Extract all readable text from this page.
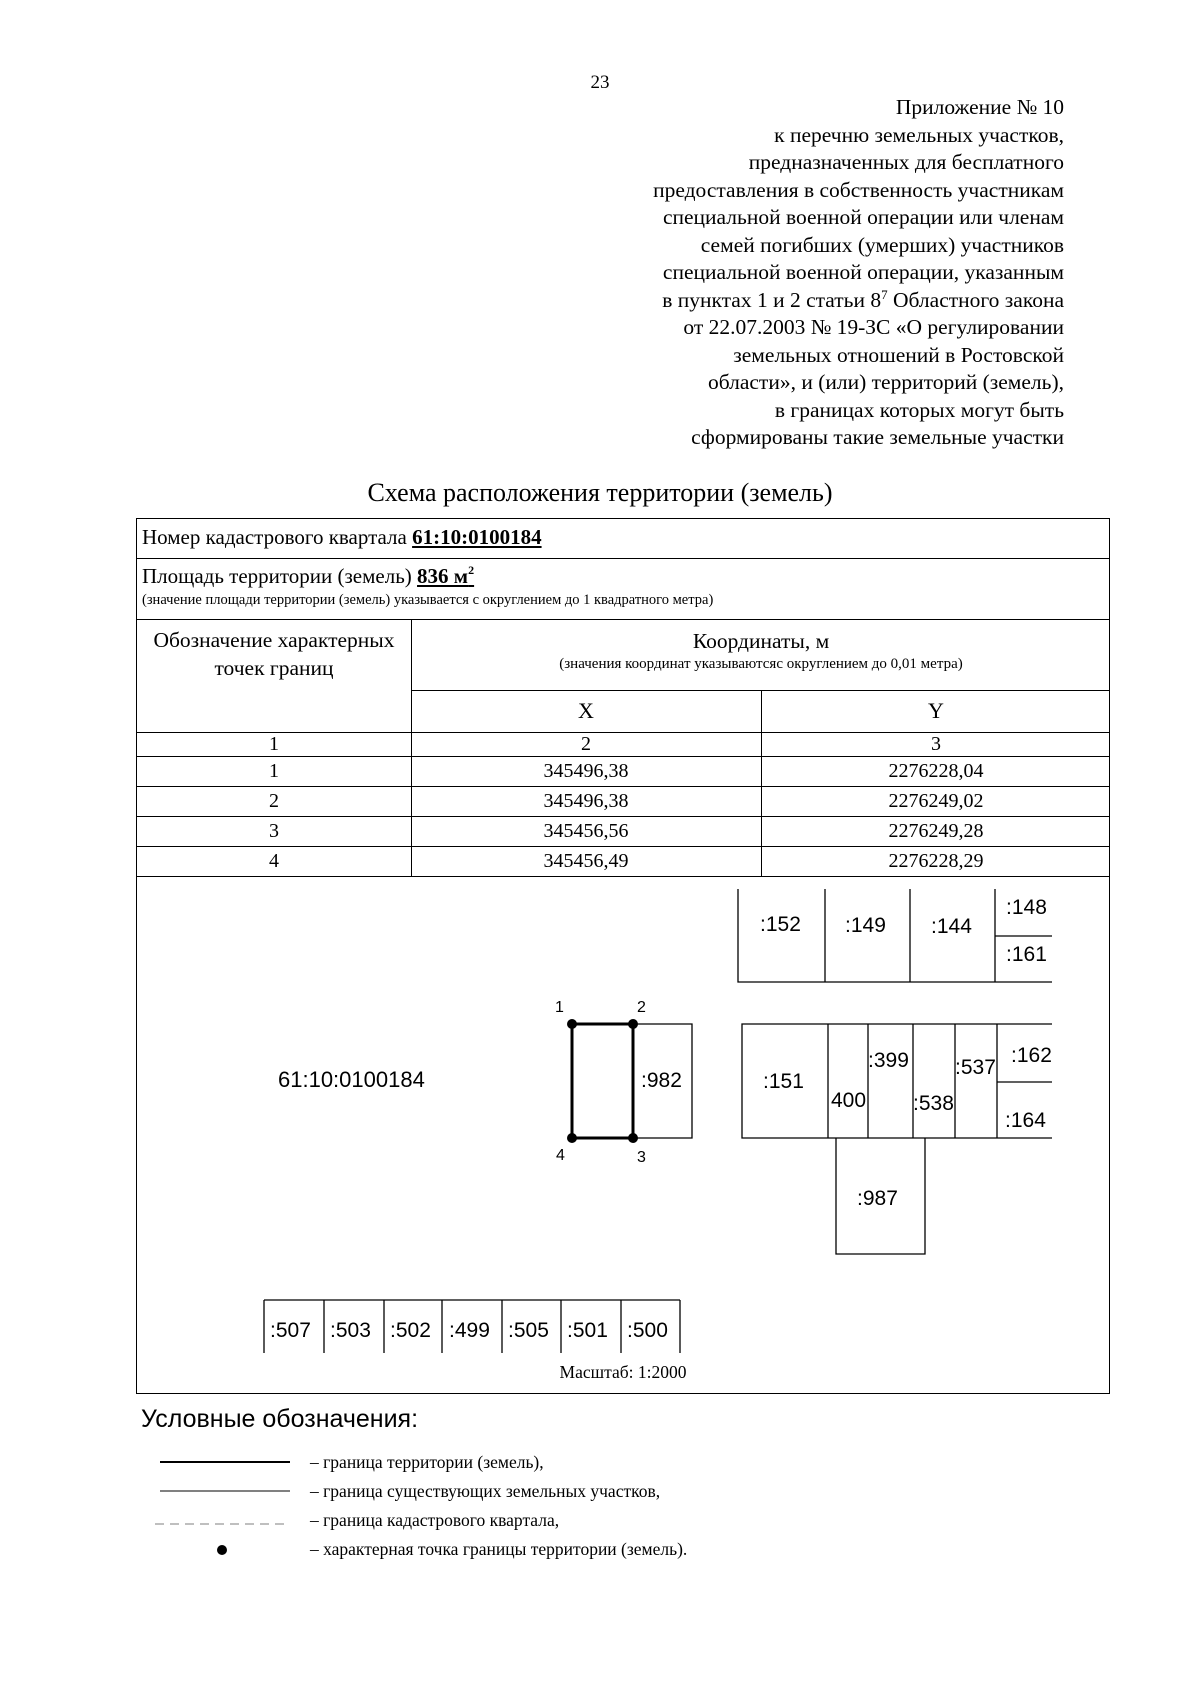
23
Приложение № 10
к перечню земельных участков,
предназначенных для бесплатного
предоставления в собственность участникам
специальной военной операции или членам
семей погибших (умерших) участников
специальной военной операции, указанным
в пунктах 1 и 2 статьи $8^7$ Областного закона
от 22.07.2003 № 19-ЗС «О регулировании
земельных отношений в Ростовской
области», и (или) территорий (земель),
в границах которых могут быть
сформированы такие земельные участки
Схема расположения территории (земель)
Номер кадастрового квартала 61:10:0100184
Площадь территории (земель) 836 $м^2$
(значение площади территории (земель) указывается с округлением до 1 квадратного метра)
Обозначение характерных точек границ
Координаты, м
(значения координат указываютсяс округлением до 0,01 метра)
X	Y
1	2	3
1	345496,38	2276228,04
2	345496,38	2276249,02
3	345456,56	2276249,28
4	345456,49	2276228,29
61:10:0100184
:152 :149 :144
:148
:161
:982
1	2
3
4
:151
400
:399
:538
:537
:162
:164
:987
:507 :503 :502 :499 :505 :501 :500
Масштаб: 1:2000
Условные обозначения:
– граница территории (земель),
– граница существующих земельных участков,
– граница кадастрового квартала,
– характерная точка границы территории (земель).
